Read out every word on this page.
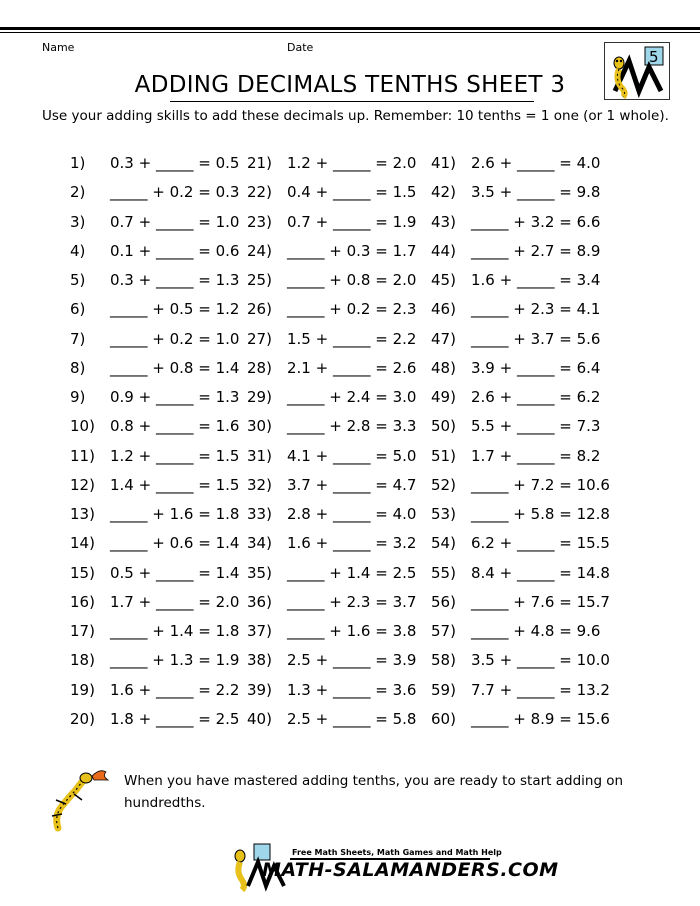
Name	Date
5
ADDING DECIMALS TENTHS SHEET 3
Use your adding skills to add these decimals up. Remember: 10 tenths = 1 one (or 1 whole).
1) 0.3 + _____ = 0.5
2) _____ + 0.2 = 0.3
3) 0.7 + _____ = 1.0
4) 0.1 + _____ = 0.6
5) 0.3 + _____ = 1.3
6) _____ + 0.5 = 1.2
7) _____ + 0.2 = 1.0
8) _____ + 0.8 = 1.4
9) 0.9 + _____ = 1.3
10) 0.8 + _____ = 1.6
11) 1.2 + _____ = 1.5
12) 1.4 + _____ = 1.5
13) _____ + 1.6 = 1.8
14) _____ + 0.6 = 1.4
15) 0.5 + _____ = 1.4
16) 1.7 + _____ = 2.0
17) _____ + 1.4 = 1.8
18) _____ + 1.3 = 1.9
19) 1.6 + _____ = 2.2
20) 1.8 + _____ = 2.5
21) 1.2 + _____ = 2.0
22) 0.4 + _____ = 1.5
23) 0.7 + _____ = 1.9
24) _____ + 0.3 = 1.7
25) _____ + 0.8 = 2.0
26) _____ + 0.2 = 2.3
27) 1.5 + _____ = 2.2
28) 2.1 + _____ = 2.6
29) _____ + 2.4 = 3.0
30) _____ + 2.8 = 3.3
31) 4.1 + _____ = 5.0
32) 3.7 + _____ = 4.7
33) 2.8 + _____ = 4.0
34) 1.6 + _____ = 3.2
35) _____ + 1.4 = 2.5
36) _____ + 2.3 = 3.7
37) _____ + 1.6 = 3.8
38) 2.5 + _____ = 3.9
39) 1.3 + _____ = 3.6
40) 2.5 + _____ = 5.8
41) 2.6 + _____ = 4.0
42) 3.5 + _____ = 9.8
43) _____ + 3.2 = 6.6
44) _____ + 2.7 = 8.9
45) 1.6 + _____ = 3.4
46) _____ + 2.3 = 4.1
47) _____ + 3.7 = 5.6
48) 3.9 + _____ = 6.4
49) 2.6 + _____ = 6.2
50) 5.5 + _____ = 7.3
51) 1.7 + _____ = 8.2
52) _____ + 7.2 = 10.6
53) _____ + 5.8 = 12.8
54) 6.2 + _____ = 15.5
55) 8.4 + _____ = 14.8
56) _____ + 7.6 = 15.7
57) _____ + 4.8 = 9.6
58) 3.5 + _____ = 10.0
59) 7.7 + _____ = 13.2
60) _____ + 8.9 = 15.6
When you have mastered adding tenths, you are ready to start adding on hundredths.
Free Math Sheets, Math Games and Math Help
MATH-SALAMANDERS.COM
